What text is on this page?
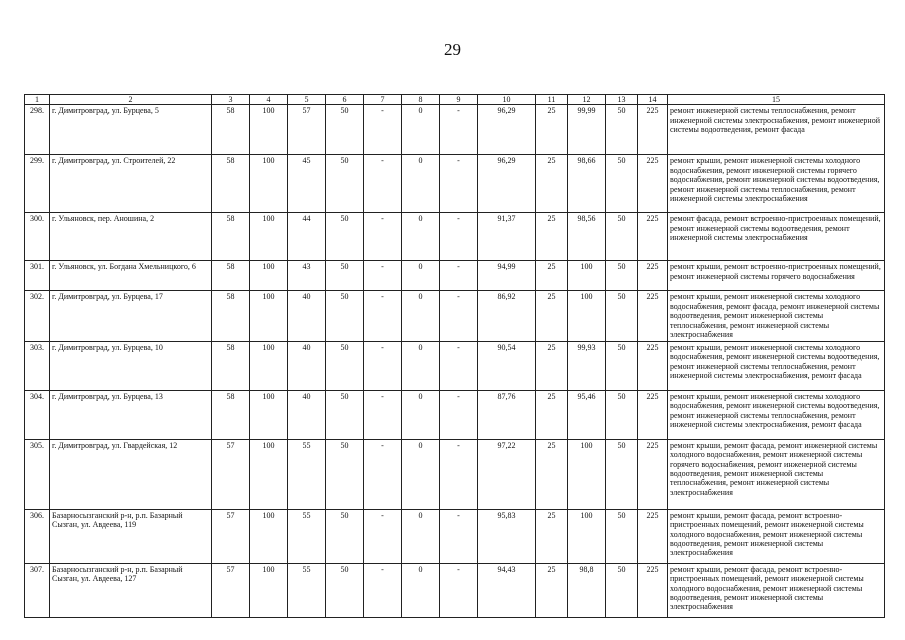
29
1	2	3	4	5	6	7	8	9	10	11	12	13	14	15
298.	г. Димитровград, ул. Бурцева, 5	58	100	57	50	-	0	-	96,29	25	99,99	50	225	ремонт инженерной системы теплоснабжения, ремонт инженерной системы электроснабжения, ремонт инженерной системы водоотведения, ремонт фасада
299.	г. Димитровград, ул. Строителей, 22	58	100	45	50	-	0	-	96,29	25	98,66	50	225	ремонт крыши, ремонт инженерной системы холодного водоснабжения, ремонт инженерной системы горячего водоснабжения, ремонт инженерной системы водоотведения, ремонт инженерной системы теплоснабжения, ремонт инженерной системы электроснабжения
300.	г. Ульяновск, пер. Аношина, 2	58	100	44	50	-	0	-	91,37	25	98,56	50	225	ремонт фасада, ремонт встроенно-пристроенных помещений, ремонт инженерной системы водоотведения, ремонт инженерной системы электроснабжения
301.	г. Ульяновск, ул. Богдана Хмельницкого, 6	58	100	43	50	-	0	-	94,99	25	100	50	225	ремонт крыши, ремонт встроенно-пристроенных помещений, ремонт инженерной системы горячего водоснабжения
302.	г. Димитровград, ул. Бурцева, 17	58	100	40	50	-	0	-	86,92	25	100	50	225	ремонт крыши, ремонт инженерной системы холодного водоснабжения, ремонт фасада, ремонт инженерной системы водоотведения, ремонт инженерной системы теплоснабжения, ремонт инженерной системы электроснабжения
303.	г. Димитровград, ул. Бурцева, 10	58	100	40	50	-	0	-	90,54	25	99,93	50	225	ремонт крыши, ремонт инженерной системы холодного водоснабжения, ремонт инженерной системы водоотведения, ремонт инженерной системы теплоснабжения, ремонт инженерной системы электроснабжения, ремонт фасада
304.	г. Димитровград, ул. Бурцева, 13	58	100	40	50	-	0	-	87,76	25	95,46	50	225	ремонт крыши, ремонт инженерной системы холодного водоснабжения, ремонт инженерной системы водоотведения, ремонт инженерной системы теплоснабжения, ремонт инженерной системы электроснабжения, ремонт фасада
305.	г. Димитровград, ул. Гвардейская, 12	57	100	55	50	-	0	-	97,22	25	100	50	225	ремонт крыши, ремонт фасада, ремонт инженерной системы холодного водоснабжения, ремонт инженерной системы горячего водоснабжения, ремонт инженерной системы водоотведения, ремонт инженерной системы теплоснабжения, ремонт инженерной системы электроснабжения
306.	Базарносызганский р-н, р.п. Базарный Сызган, ул. Авдеева, 119	57	100	55	50	-	0	-	95,83	25	100	50	225	ремонт крыши, ремонт фасада, ремонт встроенно-пристроенных помещений, ремонт инженерной системы холодного водоснабжения, ремонт инженерной системы водоотведения, ремонт инженерной системы электроснабжения
307.	Базарносызганский р-н, р.п. Базарный Сызган, ул. Авдеева, 127	57	100	55	50	-	0	-	94,43	25	98,8	50	225	ремонт крыши, ремонт фасада, ремонт встроенно-пристроенных помещений, ремонт инженерной системы холодного водоснабжения, ремонт инженерной системы водоотведения, ремонт инженерной системы электроснабжения
